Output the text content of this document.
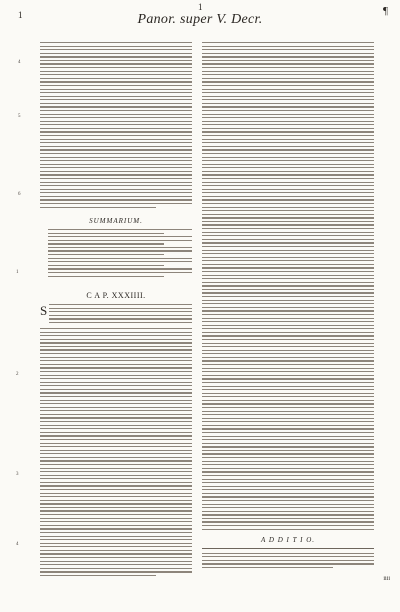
1
1	¶
Panor. super V. Decr.
4
5
6
1
2
3
4
SUMMARIUM.
C A P. XXXIIII.
S
A D D I T I O.
iiii
